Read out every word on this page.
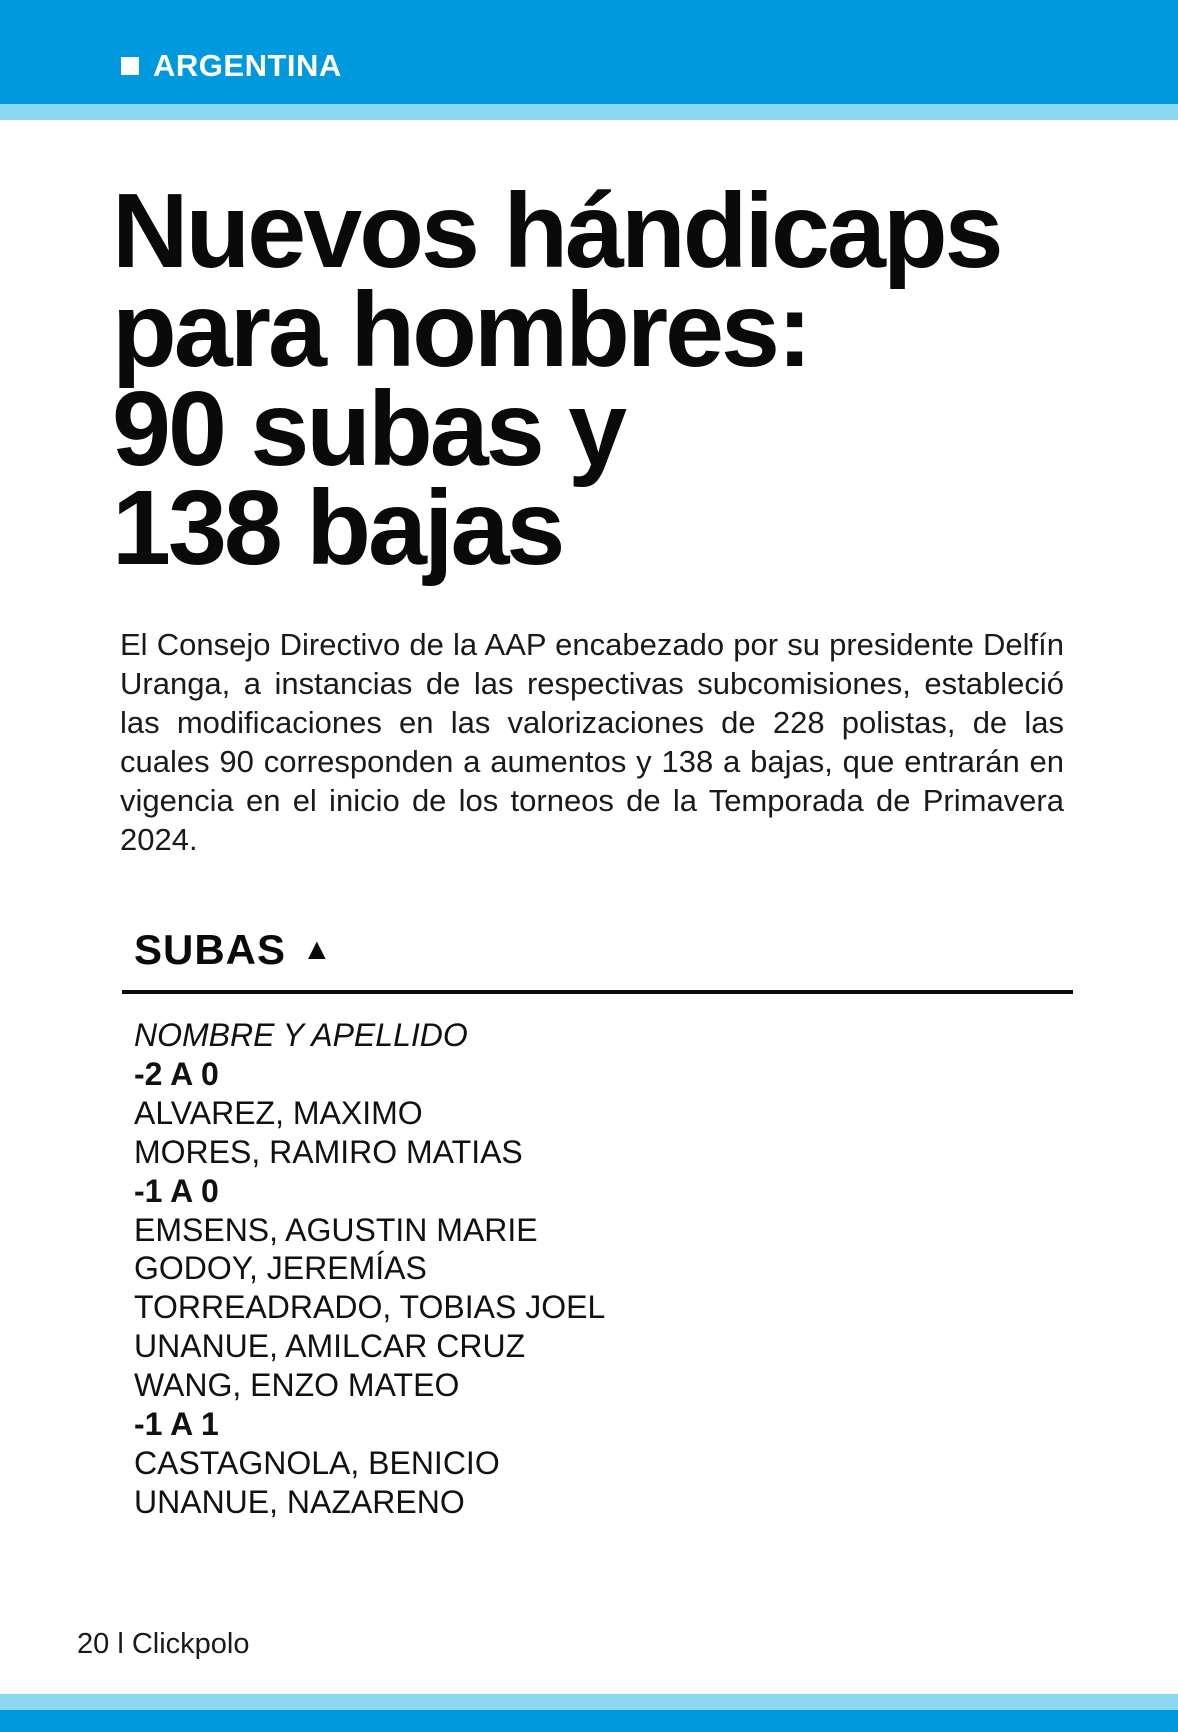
ARGENTINA
Nuevos hándicaps
para hombres:
90 subas y
138 bajas

El Consejo Directivo de la AAP encabezado por su presidente Delfín Uranga, a instancias de las respectivas subcomisiones, estableció las modificaciones en las valorizaciones de 228 polistas, de las cuales 90 corresponden a aumentos y 138 a bajas, que entrarán en vigencia en el inicio de los torneos de la Temporada de Primavera 2024.

SUBAS ▲
NOMBRE Y APELLIDO
-2 A 0
ALVAREZ, MAXIMO
MORES, RAMIRO MATIAS
-1 A 0
EMSENS, AGUSTIN MARIE
GODOY, JEREMÍAS
TORREADRADO, TOBIAS JOEL
UNANUE, AMILCAR CRUZ
WANG, ENZO MATEO
-1 A 1
CASTAGNOLA, BENICIO
UNANUE, NAZARENO
20 l Clickpolo
